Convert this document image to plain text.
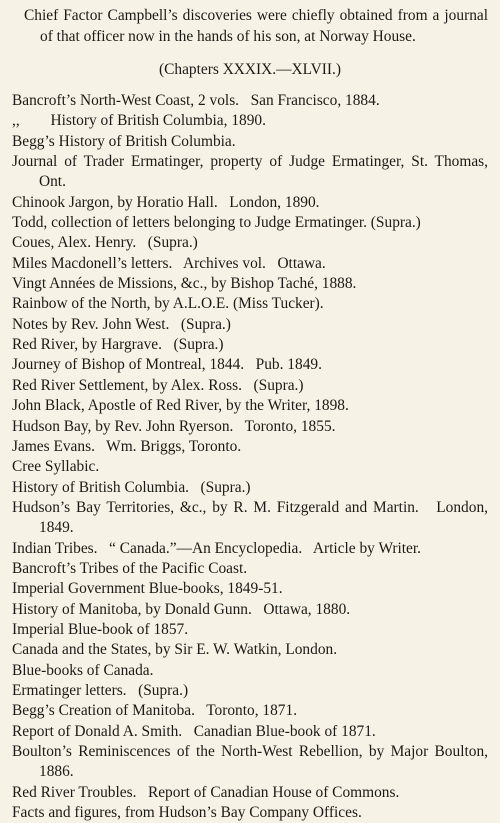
Chief Factor Campbell’s discoveries were chiefly obtained from a journal of that officer now in the hands of his son, at Norway House.

(Chapters XXXIX.—XLVII.)
Bancroft’s North-West Coast, 2 vols.   San Francisco, 1884.
,,        History of British Columbia, 1890.
Begg’s History of British Columbia.
Journal of Trader Ermatinger, property of Judge Ermatinger, St. Thomas, Ont.
Chinook Jargon, by Horatio Hall.   London, 1890.
Todd, collection of letters belonging to Judge Ermatinger. (Supra.)
Coues, Alex. Henry.   (Supra.)
Miles Macdonell’s letters.   Archives vol.   Ottawa.
Vingt Années de Missions, &c., by Bishop Taché, 1888.
Rainbow of the North, by A.L.O.E. (Miss Tucker).
Notes by Rev. John West.   (Supra.)
Red River, by Hargrave.   (Supra.)
Journey of Bishop of Montreal, 1844.   Pub. 1849.
Red River Settlement, by Alex. Ross.   (Supra.)
John Black, Apostle of Red River, by the Writer, 1898.
Hudson Bay, by Rev. John Ryerson.   Toronto, 1855.
James Evans.   Wm. Briggs, Toronto.
Cree Syllabic.
History of British Columbia.   (Supra.)
Hudson’s Bay Territories, &c., by R. M. Fitzgerald and Martin.   London, 1849.
Indian Tribes.   “ Canada.”—An Encyclopedia.   Article by Writer.
Bancroft’s Tribes of the Pacific Coast.
Imperial Government Blue-books, 1849-51.
History of Manitoba, by Donald Gunn.   Ottawa, 1880.
Imperial Blue-book of 1857.
Canada and the States, by Sir E. W. Watkin, London.
Blue-books of Canada.
Ermatinger letters.   (Supra.)
Begg’s Creation of Manitoba.   Toronto, 1871.
Report of Donald A. Smith.   Canadian Blue-book of 1871.
Boulton’s Reminiscences of the North-West Rebellion, by Major Boulton, 1886.
Red River Troubles.   Report of Canadian House of Commons.
Facts and figures, from Hudson’s Bay Company Offices.
